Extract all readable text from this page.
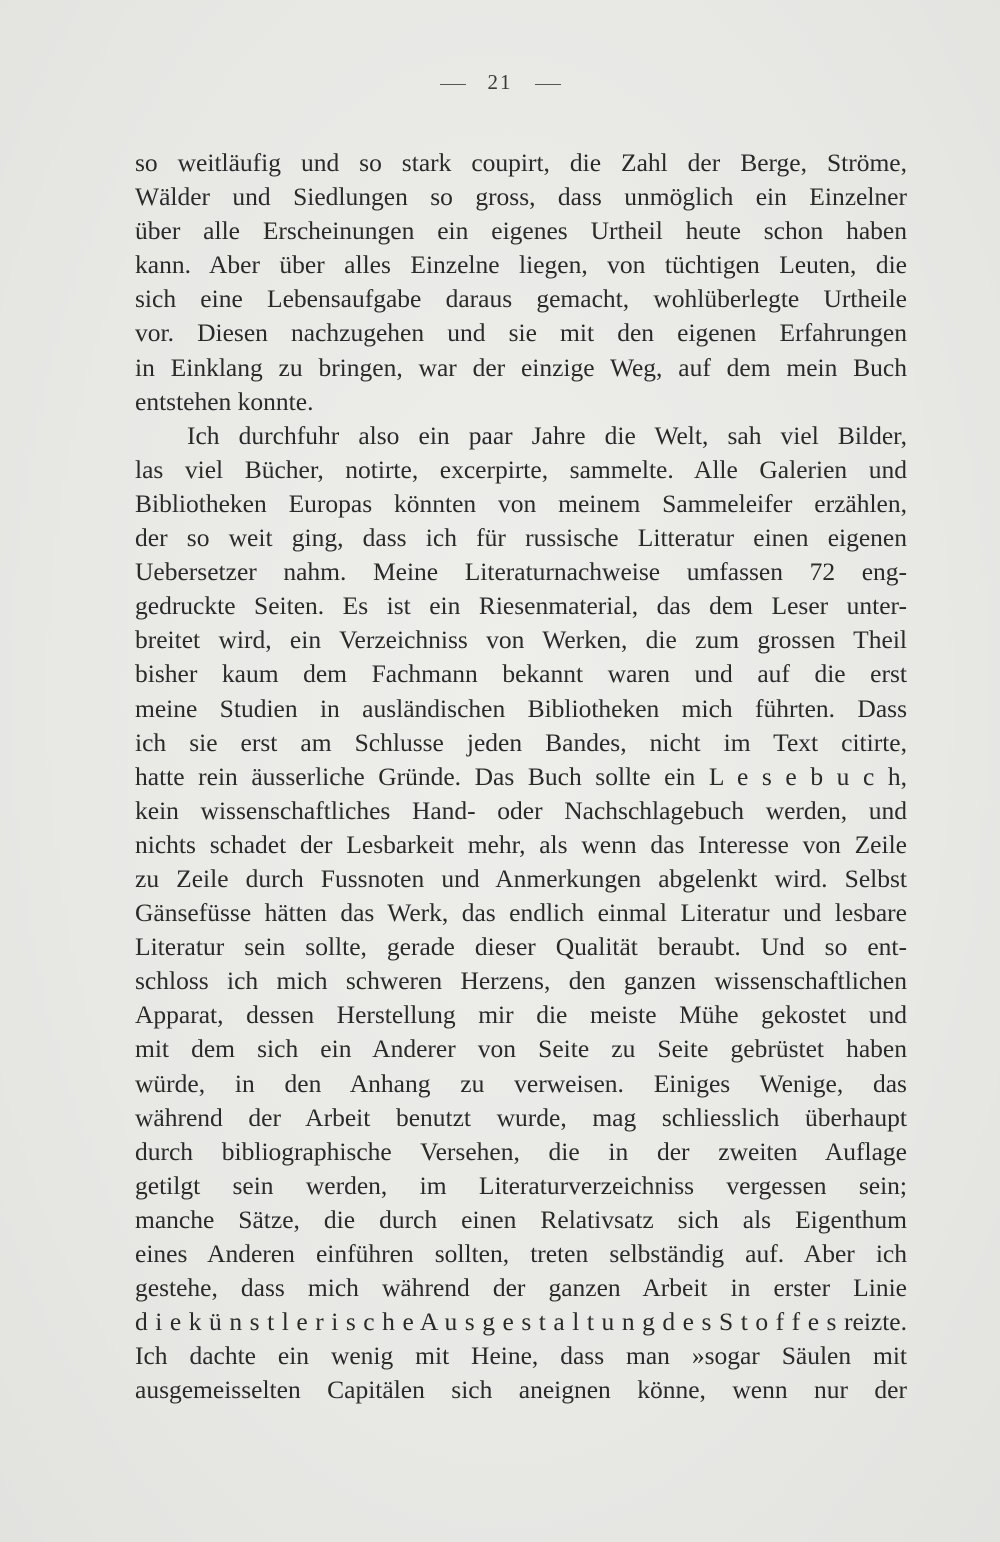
21
so weitläufig und so stark coupirt, die Zahl der Berge, Ströme,
Wälder und Siedlungen so gross, dass unmöglich ein Einzelner
über alle Erscheinungen ein eigenes Urtheil heute schon haben
kann. Aber über alles Einzelne liegen, von tüchtigen Leuten, die
sich eine Lebensaufgabe daraus gemacht, wohlüberlegte Urtheile
vor. Diesen nachzugehen und sie mit den eigenen Erfahrungen
in Einklang zu bringen, war der einzige Weg, auf dem mein Buch
entstehen konnte.
Ich durchfuhr also ein paar Jahre die Welt, sah viel Bilder,
las viel Bücher, notirte, excerpirte, sammelte. Alle Galerien und
Bibliotheken Europas könnten von meinem Sammeleifer erzählen,
der so weit ging, dass ich für russische Litteratur einen eigenen
Uebersetzer nahm. Meine Literaturnachweise umfassen 72 eng-
gedruckte Seiten. Es ist ein Riesenmaterial, das dem Leser unter-
breitet wird, ein Verzeichniss von Werken, die zum grossen Theil
bisher kaum dem Fachmann bekannt waren und auf die erst
meine Studien in ausländischen Bibliotheken mich führten. Dass
ich sie erst am Schlusse jeden Bandes, nicht im Text citirte,
hatte rein äusserliche Gründe. Das Buch sollte ein L e s e b u c h,
kein wissenschaftliches Hand- oder Nachschlagebuch werden, und
nichts schadet der Lesbarkeit mehr, als wenn das Interesse von Zeile
zu Zeile durch Fussnoten und Anmerkungen abgelenkt wird. Selbst
Gänsefüsse hätten das Werk, das endlich einmal Literatur und lesbare
Literatur sein sollte, gerade dieser Qualität beraubt. Und so ent-
schloss ich mich schweren Herzens, den ganzen wissenschaftlichen
Apparat, dessen Herstellung mir die meiste Mühe gekostet und
mit dem sich ein Anderer von Seite zu Seite gebrüstet haben
würde, in den Anhang zu verweisen. Einiges Wenige, das
während der Arbeit benutzt wurde, mag schliesslich überhaupt
durch bibliographische Versehen, die in der zweiten Auflage
getilgt sein werden, im Literaturverzeichniss vergessen sein;
manche Sätze, die durch einen Relativsatz sich als Eigenthum
eines Anderen einführen sollten, treten selbständig auf. Aber ich
gestehe, dass mich während der ganzen Arbeit in erster Linie
d i e k ü n s t l e r i s c h e A u s g e s t a l t u n g d e s S t o f f e s reizte.
Ich dachte ein wenig mit Heine, dass man »sogar Säulen mit
ausgemeisselten Capitälen sich aneignen könne, wenn nur der
